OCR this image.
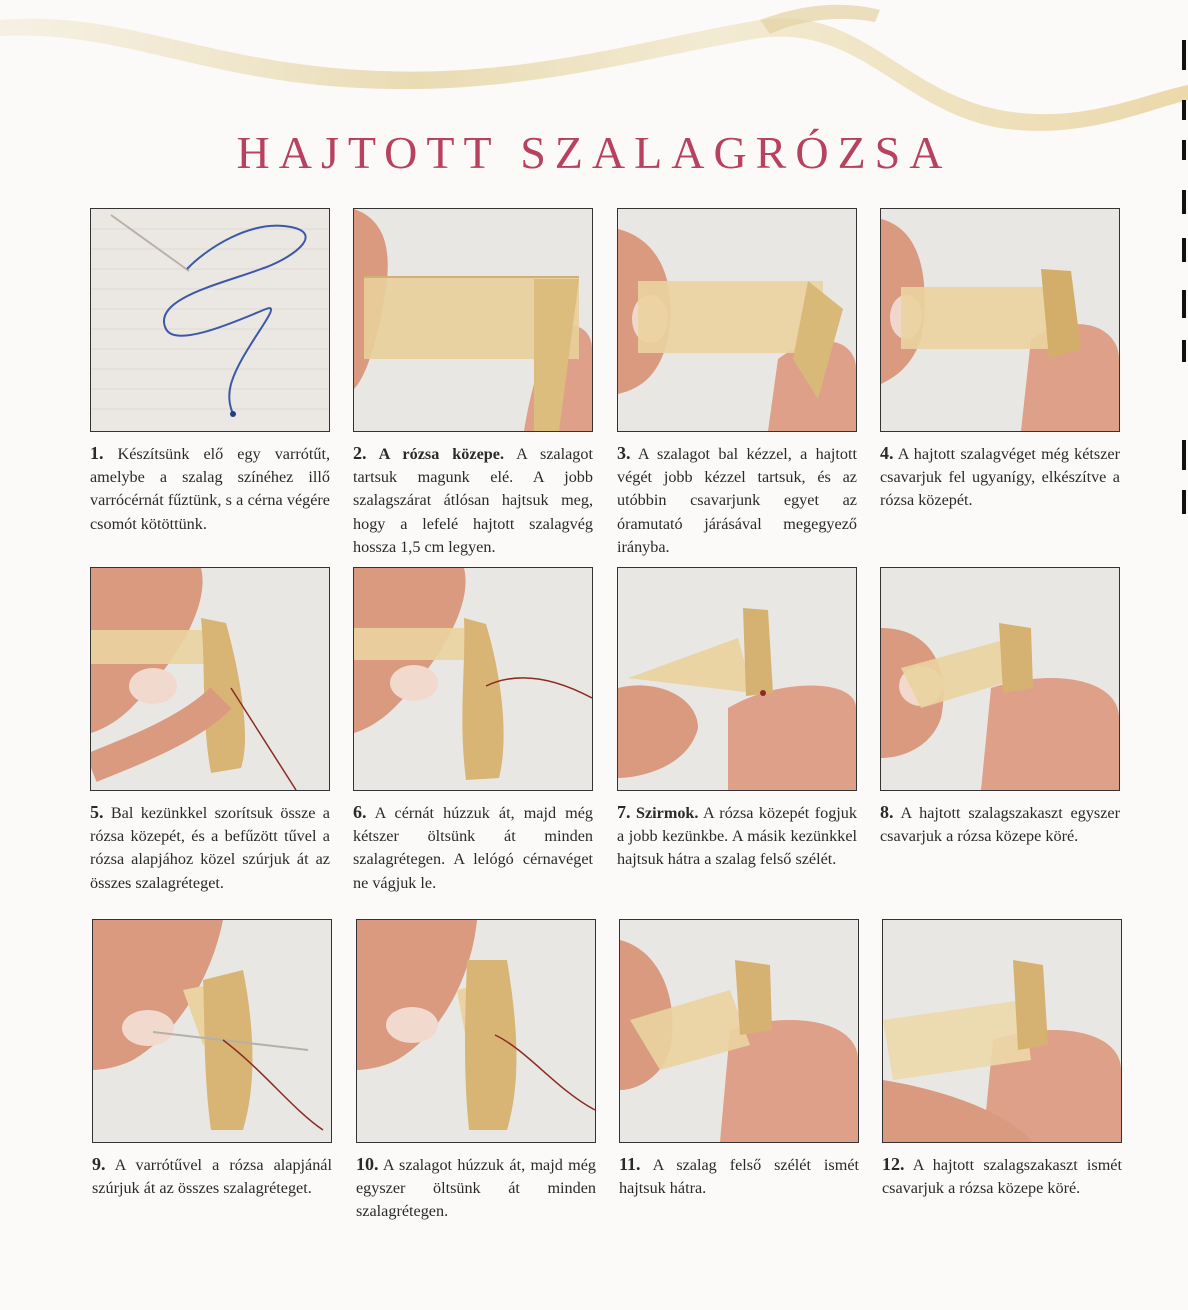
HAJTOTT SZALAGRÓZSA
1. Készítsünk elő egy varrótűt, amelybe a szalag színéhez illő varrócérnát fűztünk, s a cérna végére csomót kötöttünk.
2. A rózsa közepe. A szalagot tartsuk magunk elé. A jobb szalagszárat átlósan hajtsuk meg, hogy a lefelé hajtott szalagvég hossza 1,5 cm legyen.
3. A szalagot bal kézzel, a hajtott végét jobb kézzel tartsuk, és az utóbbin csavarjunk egyet az óramutató járásával megegyező irányba.
4. A hajtott szalagvéget még kétszer csavarjuk fel ugyanígy, elkészítve a rózsa közepét.
5. Bal kezünkkel szorítsuk össze a rózsa közepét, és a befűzött tűvel a rózsa alapjához közel szúrjuk át az összes szalagréteget.
6. A cérnát húzzuk át, majd még kétszer öltsünk át minden szalagrétegen. A lelógó cérnavéget ne vágjuk le.
7. Szirmok. A rózsa közepét fogjuk a jobb kezünkbe. A másik kezünkkel hajtsuk hátra a szalag felső szélét.
8. A hajtott szalagszakaszt egyszer csavarjuk a rózsa közepe köré.
9. A varrótűvel a rózsa alapjánál szúrjuk át az összes szalagréteget.
10. A szalagot húzzuk át, majd még egyszer öltsünk át minden szalagrétegen.
11. A szalag felső szélét ismét hajtsuk hátra.
12. A hajtott szalagszakaszt ismét csavarjuk a rózsa közepe köré.
